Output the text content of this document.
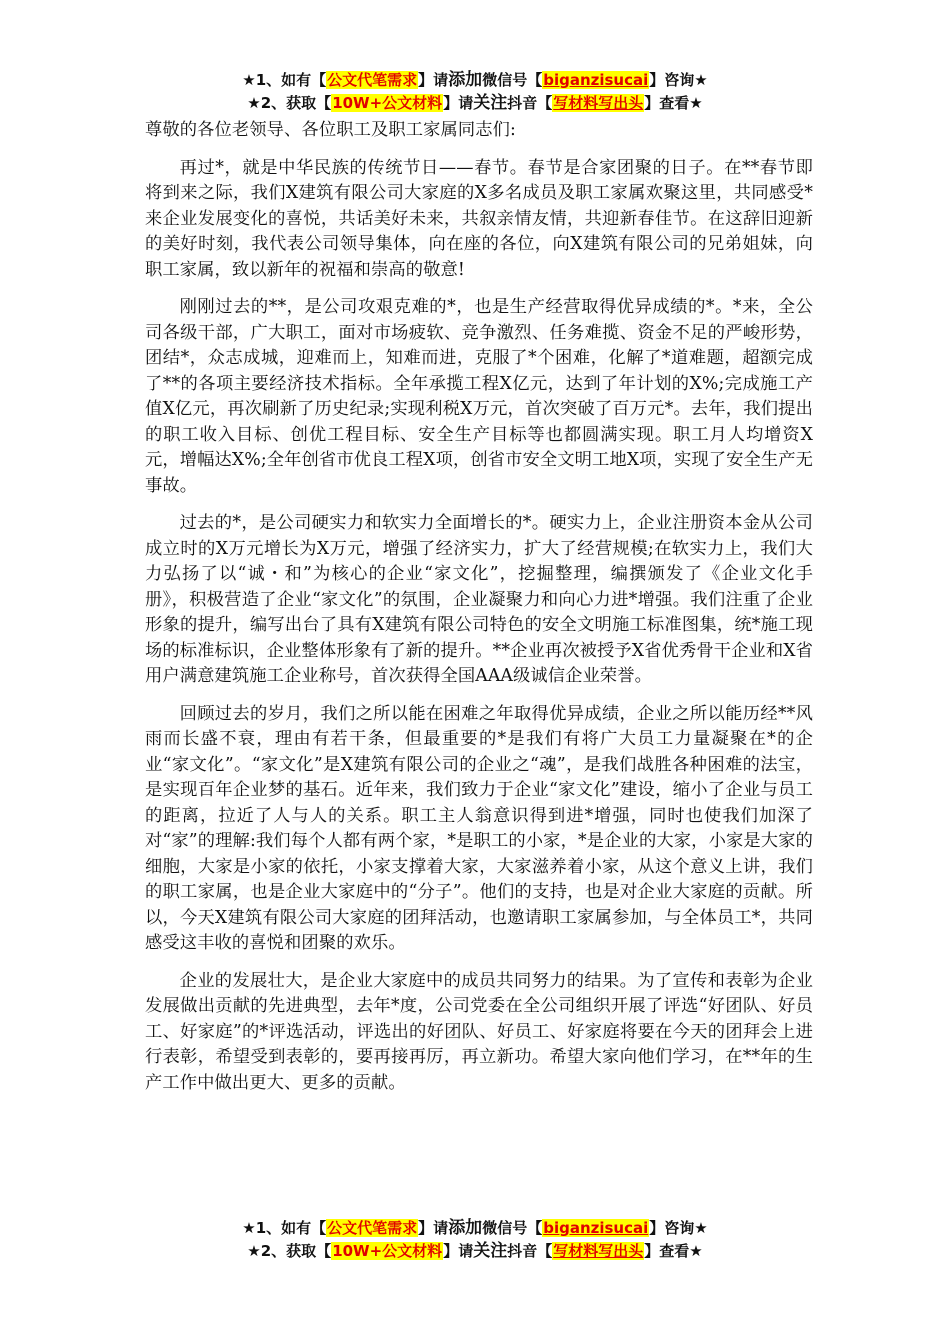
★1、如有【公文代笔需求】请添加微信号【biganzisucai】咨询★
★2、获取【10W+公文材料】请关注抖音【写材料写出头】查看★

尊敬的各位老领导、各位职工及职工家属同志们:

再过*，就是中华民族的传统节日——春节。春节是合家团聚的日子。在**春节即将到来之际，我们X建筑有限公司大家庭的X多名成员及职工家属欢聚这里，共同感受*来企业发展变化的喜悦，共话美好未来，共叙亲情友情，共迎新春佳节。在这辞旧迎新的美好时刻，我代表公司领导集体，向在座的各位，向X建筑有限公司的兄弟姐妹，向职工家属，致以新年的祝福和崇高的敬意!

刚刚过去的**，是公司攻艰克难的*，也是生产经营取得优异成绩的*。*来，全公司各级干部，广大职工，面对市场疲软、竞争激烈、任务难揽、资金不足的严峻形势，团结*，众志成城，迎难而上，知难而进，克服了*个困难，化解了*道难题，超额完成了**的各项主要经济技术指标。全年承揽工程X亿元，达到了年计划的X%;完成施工产值X亿元，再次刷新了历史纪录;实现利税X万元，首次突破了百万元*。去年，我们提出的职工收入目标、创优工程目标、安全生产目标等也都圆满实现。职工月人均增资X元，增幅达X%;全年创省市优良工程X项，创省市安全文明工地X项，实现了安全生产无事故。

过去的*，是公司硬实力和软实力全面增长的*。硬实力上，企业注册资本金从公司成立时的X万元增长为X万元，增强了经济实力，扩大了经营规模;在软实力上，我们大力弘扬了以“诚・和”为核心的企业“家文化”，挖掘整理，编撰颁发了《企业文化手册》，积极营造了企业“家文化”的氛围，企业凝聚力和向心力进*增强。我们注重了企业形象的提升，编写出台了具有X建筑有限公司特色的安全文明施工标准图集，统*施工现场的标准标识，企业整体形象有了新的提升。**企业再次被授予X省优秀骨干企业和X省用户满意建筑施工企业称号，首次获得全国AAA级诚信企业荣誉。

回顾过去的岁月，我们之所以能在困难之年取得优异成绩，企业之所以能历经**风雨而长盛不衰，理由有若干条，但最重要的*是我们有将广大员工力量凝聚在*的企业“家文化”。“家文化”是X建筑有限公司的企业之“魂”，是我们战胜各种困难的法宝，是实现百年企业梦的基石。近年来，我们致力于企业“家文化”建设，缩小了企业与员工的距离，拉近了人与人的关系。职工主人翁意识得到进*增强，同时也使我们加深了对“家”的理解:我们每个人都有两个家，*是职工的小家，*是企业的大家，小家是大家的细胞，大家是小家的依托，小家支撑着大家，大家滋养着小家，从这个意义上讲，我们的职工家属，也是企业大家庭中的“分子”。他们的支持，也是对企业大家庭的贡献。所以，今天X建筑有限公司大家庭的团拜活动，也邀请职工家属参加，与全体员工*，共同感受这丰收的喜悦和团聚的欢乐。

企业的发展壮大，是企业大家庭中的成员共同努力的结果。为了宣传和表彰为企业发展做出贡献的先进典型，去年*度，公司党委在全公司组织开展了评选“好团队、好员工、好家庭”的*评选活动，评选出的好团队、好员工、好家庭将要在今天的团拜会上进行表彰，希望受到表彰的，要再接再厉，再立新功。希望大家向他们学习，在**年的生产工作中做出更大、更多的贡献。

★1、如有【公文代笔需求】请添加微信号【biganzisucai】咨询★
★2、获取【10W+公文材料】请关注抖音【写材料写出头】查看★
